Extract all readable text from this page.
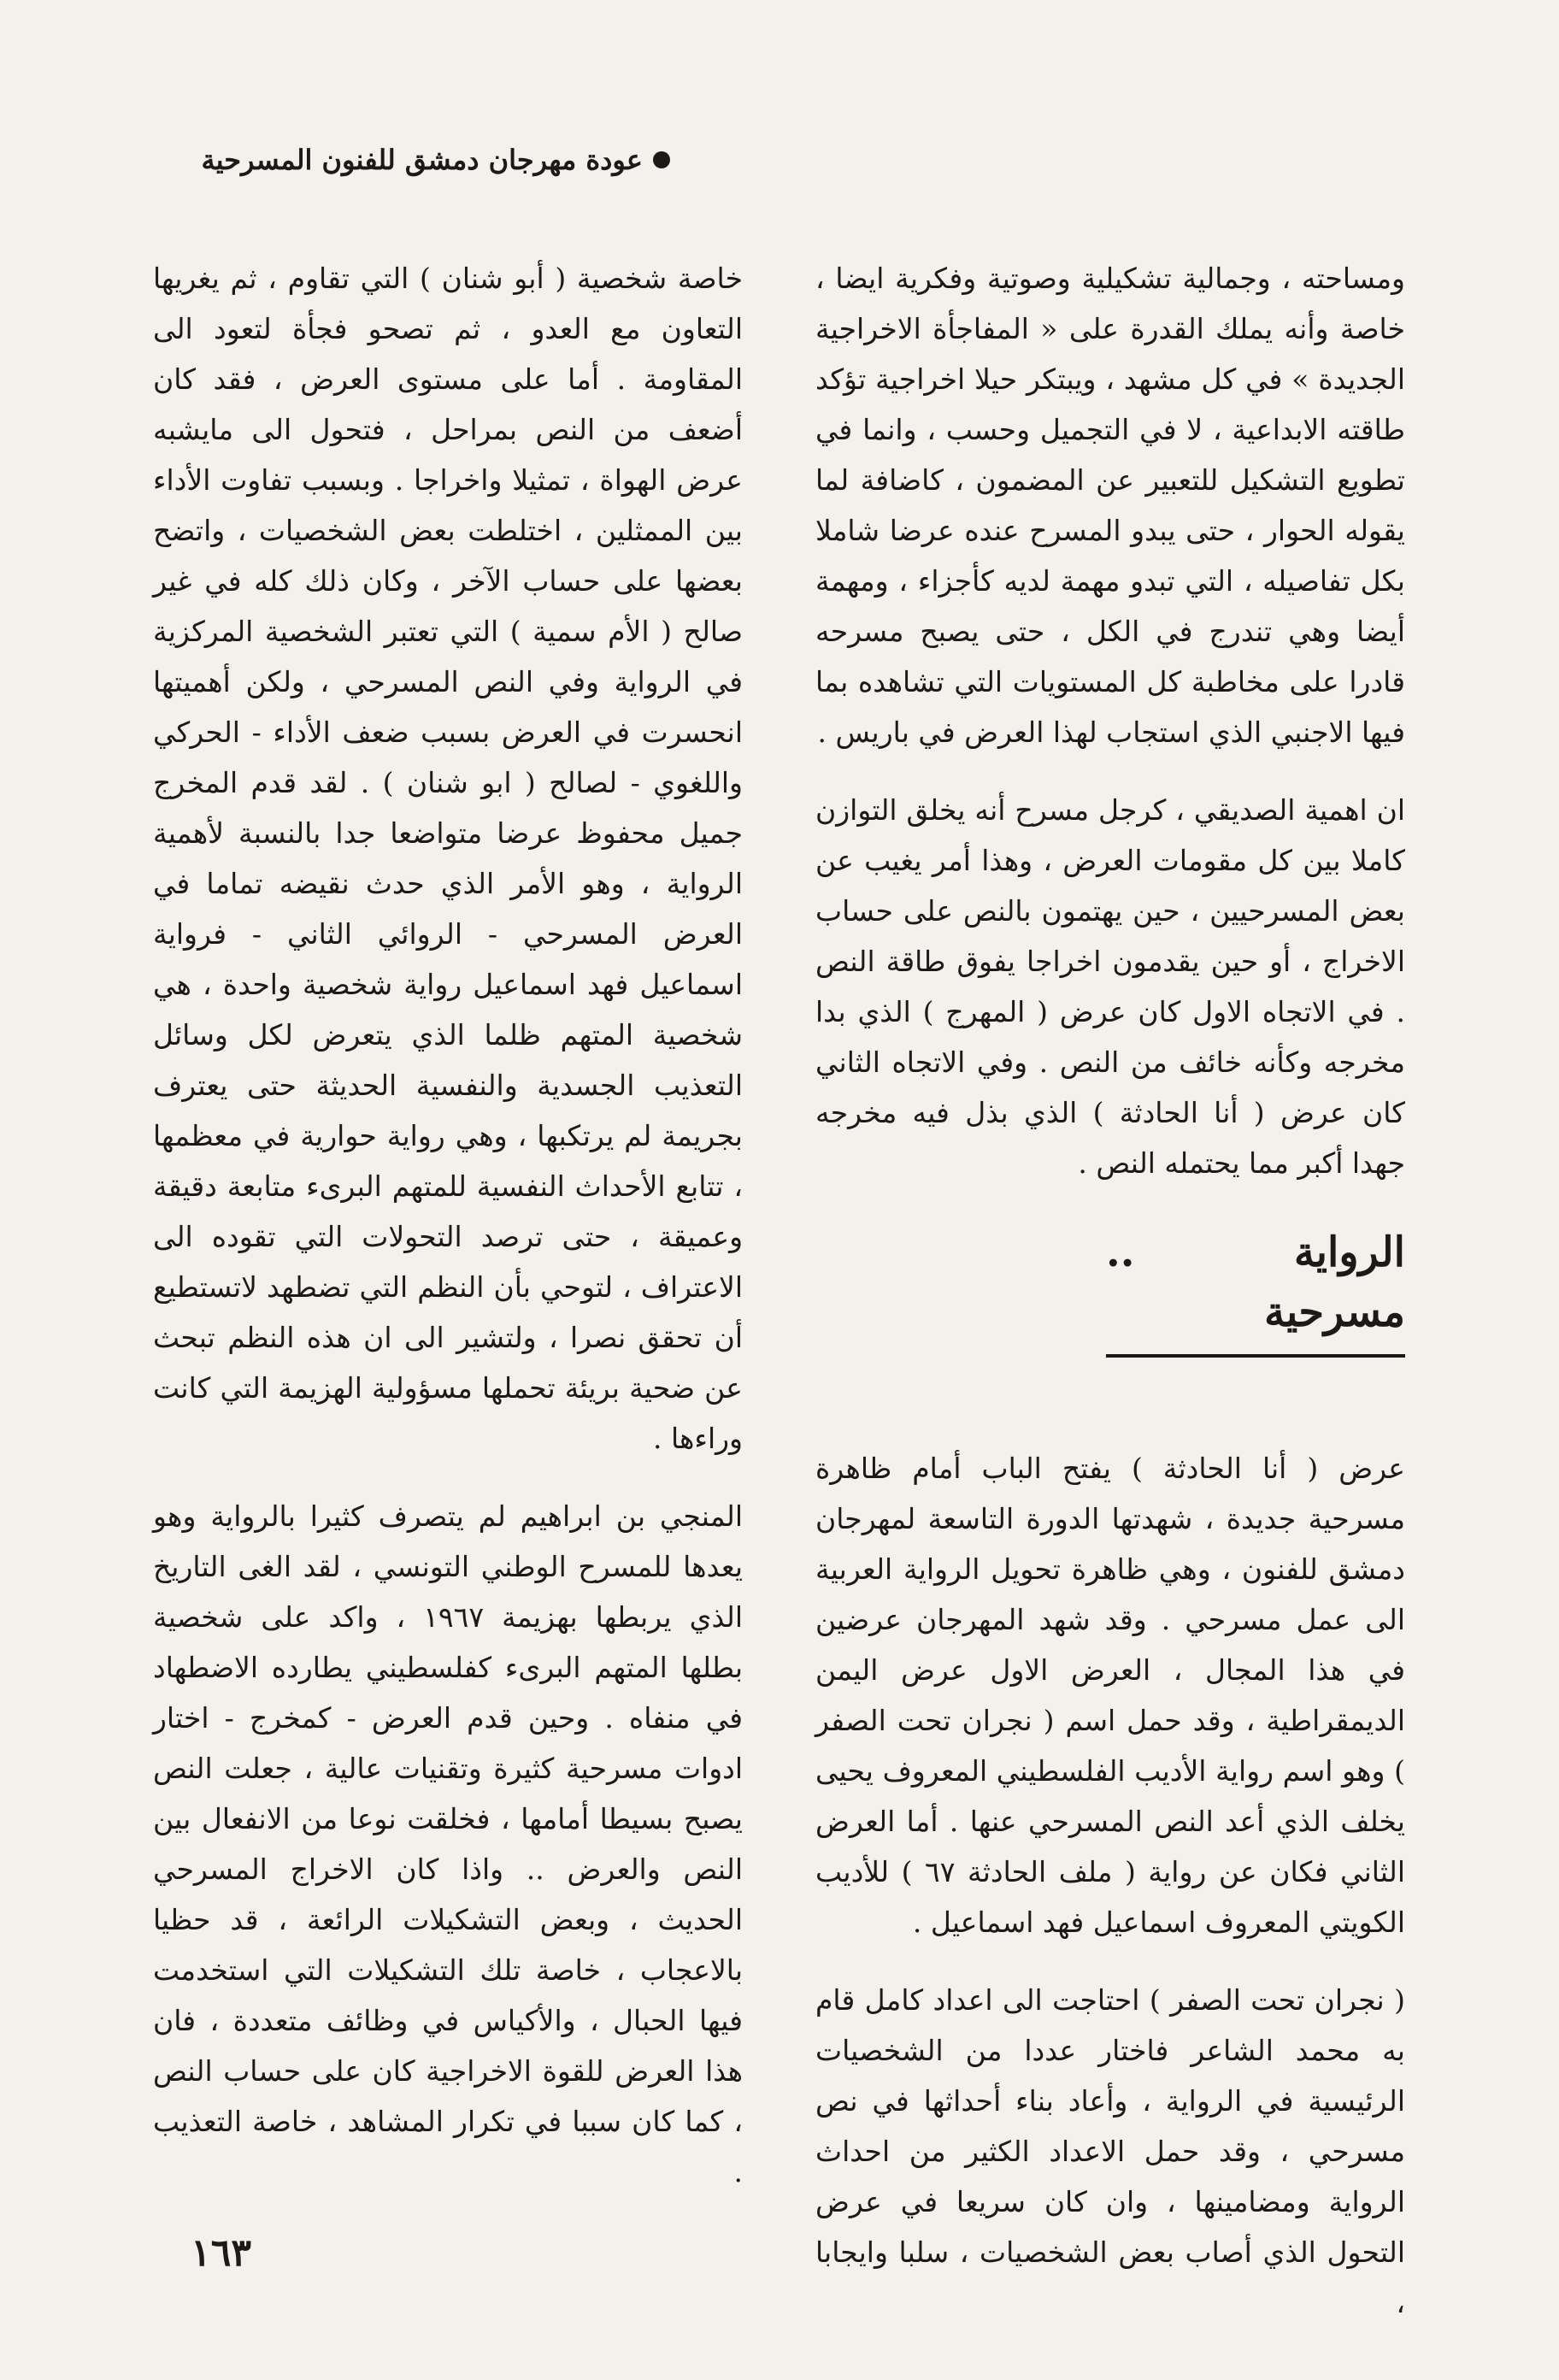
عودة مهرجان دمشق للفنون المسرحية

ومساحته ، وجمالية تشكيلية وصوتية وفكرية ايضا ، خاصة وأنه يملك القدرة على « المفاجأة الاخراجية الجديدة » في كل مشهد ، ويبتكر حيلا اخراجية تؤكد طاقته الابداعية ، لا في التجميل وحسب ، وانما في تطويع التشكيل للتعبير عن المضمون ، كاضافة لما يقوله الحوار ، حتى يبدو المسرح عنده عرضا شاملا بكل تفاصيله ، التي تبدو مهمة لديه كأجزاء ، ومهمة أيضا وهي تندرج في الكل ، حتى يصبح مسرحه قادرا على مخاطبة كل المستويات التي تشاهده بما فيها الاجنبي الذي استجاب لهذا العرض في باريس .

ان اهمية الصديقي ، كرجل مسرح أنه يخلق التوازن كاملا بين كل مقومات العرض ، وهذا أمر يغيب عن بعض المسرحيين ، حين يهتمون بالنص على حساب الاخراج ، أو حين يقدمون اخراجا يفوق طاقة النص . في الاتجاه الاول كان عرض ( المهرج ) الذي بدا مخرجه وكأنه خائف من النص . وفي الاتجاه الثاني كان عرض ( أنا الحادثة ) الذي بذل فيه مخرجه جهدا أكبر مما يحتمله النص .

الرواية .. مسرحية

عرض ( أنا الحادثة ) يفتح الباب أمام ظاهرة مسرحية جديدة ، شهدتها الدورة التاسعة لمهرجان دمشق للفنون ، وهي ظاهرة تحويل الرواية العربية الى عمل مسرحي . وقد شهد المهرجان عرضين في هذا المجال ، العرض الاول عرض اليمن الديمقراطية ، وقد حمل اسم ( نجران تحت الصفر ) وهو اسم رواية الأديب الفلسطيني المعروف يحيى يخلف الذي أعد النص المسرحي عنها . أما العرض الثاني فكان عن رواية ( ملف الحادثة ٦٧ ) للأديب الكويتي المعروف اسماعيل فهد اسماعيل .

( نجران تحت الصفر ) احتاجت الى اعداد كامل قام به محمد الشاعر فاختار عددا من الشخصيات الرئيسية في الرواية ، وأعاد بناء أحداثها في نص مسرحي ، وقد حمل الاعداد الكثير من احداث الرواية ومضامينها ، وان كان سريعا في عرض التحول الذي أصاب بعض الشخصيات ، سلبا وايجابا ،

خاصة شخصية ( أبو شنان ) التي تقاوم ، ثم يغريها التعاون مع العدو ، ثم تصحو فجأة لتعود الى المقاومة . أما على مستوى العرض ، فقد كان أضعف من النص بمراحل ، فتحول الى مايشبه عرض الهواة ، تمثيلا واخراجا . وبسبب تفاوت الأداء بين الممثلين ، اختلطت بعض الشخصيات ، واتضح بعضها على حساب الآخر ، وكان ذلك كله في غير صالح ( الأم سمية ) التي تعتبر الشخصية المركزية في الرواية وفي النص المسرحي ، ولكن أهميتها انحسرت في العرض بسبب ضعف الأداء - الحركي واللغوي - لصالح ( ابو شنان ) . لقد قدم المخرج جميل محفوظ عرضا متواضعا جدا بالنسبة لأهمية الرواية ، وهو الأمر الذي حدث نقيضه تماما في العرض المسرحي - الروائي الثاني - فرواية اسماعيل فهد اسماعيل رواية شخصية واحدة ، هي شخصية المتهم ظلما الذي يتعرض لكل وسائل التعذيب الجسدية والنفسية الحديثة حتى يعترف بجريمة لم يرتكبها ، وهي رواية حوارية في معظمها ، تتابع الأحداث النفسية للمتهم البرىء متابعة دقيقة وعميقة ، حتى ترصد التحولات التي تقوده الى الاعتراف ، لتوحي بأن النظم التي تضطهد لاتستطيع أن تحقق نصرا ، ولتشير الى ان هذه النظم تبحث عن ضحية بريئة تحملها مسؤولية الهزيمة التي كانت وراءها .

المنجي بن ابراهيم لم يتصرف كثيرا بالرواية وهو يعدها للمسرح الوطني التونسي ، لقد الغى التاريخ الذي يربطها بهزيمة ١٩٦٧ ، واكد على شخصية بطلها المتهم البرىء كفلسطيني يطارده الاضطهاد في منفاه . وحين قدم العرض - كمخرج - اختار ادوات مسرحية كثيرة وتقنيات عالية ، جعلت النص يصبح بسيطا أمامها ، فخلقت نوعا من الانفعال بين النص والعرض .. واذا كان الاخراج المسرحي الحديث ، وبعض التشكيلات الرائعة ، قد حظيا بالاعجاب ، خاصة تلك التشكيلات التي استخدمت فيها الحبال ، والأكياس في وظائف متعددة ، فان هذا العرض للقوة الاخراجية كان على حساب النص ، كما كان سببا في تكرار المشاهد ، خاصة التعذيب .

١٦٣
